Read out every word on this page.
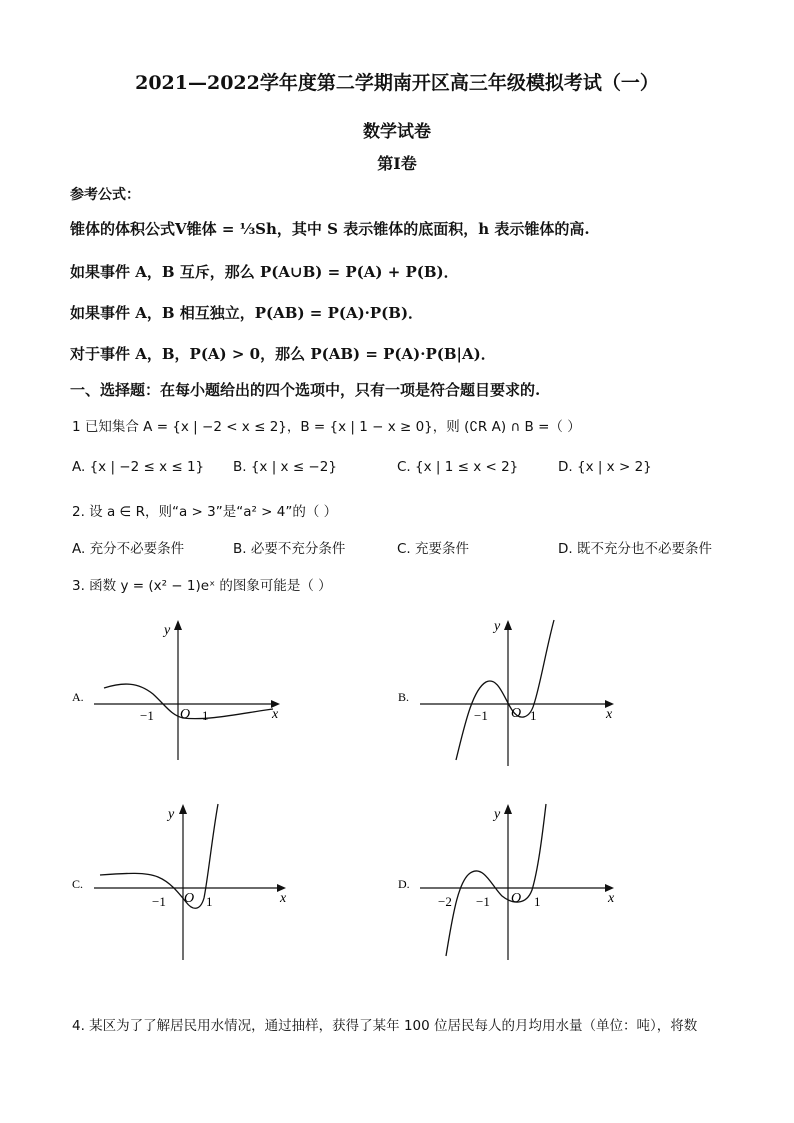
2021—2022学年度第二学期南开区高三年级模拟考试（一）
数学试卷
第Ⅰ卷
参考公式：
锥体的体积公式V锥体 = ⅓Sh，其中 S 表示锥体的底面积，h 表示锥体的高.
如果事件 A，B 互斥，那么 P(A∪B) = P(A) + P(B)．
如果事件 A，B 相互独立，P(AB) = P(A)·P(B)．
对于事件 A，B，P(A) > 0，那么 P(AB) = P(A)·P(B|A)．
一、选择题：在每小题给出的四个选项中，只有一项是符合题目要求的.
1 已知集合 A = {x | −2 < x ≤ 2}，B = {x | 1 − x ≥ 0}，则 (∁R A) ∩ B =（ ）
A. {x | −2 ≤ x ≤ 1} B. {x | x ≤ −2}	C. {x | 1 ≤ x < 2}	D. {x | x > 2}
2. 设 a ∈ R，则“a > 3”是“a² > 4”的（ ）
A. 充分不必要条件	B. 必要不充分条件	C. 充要条件	D. 既不充分也不必要条件
3. 函数 y = (x² − 1)eˣ 的图象可能是（ ）
A.
y
x
O
−1	1
B.
y
x
O
−1	1
C.
y
x
O
−1	1
D.
y
x
O
−2 −1	1
4. 某区为了了解居民用水情况，通过抽样，获得了某年 100 位居民每人的月均用水量（单位：吨），将数
